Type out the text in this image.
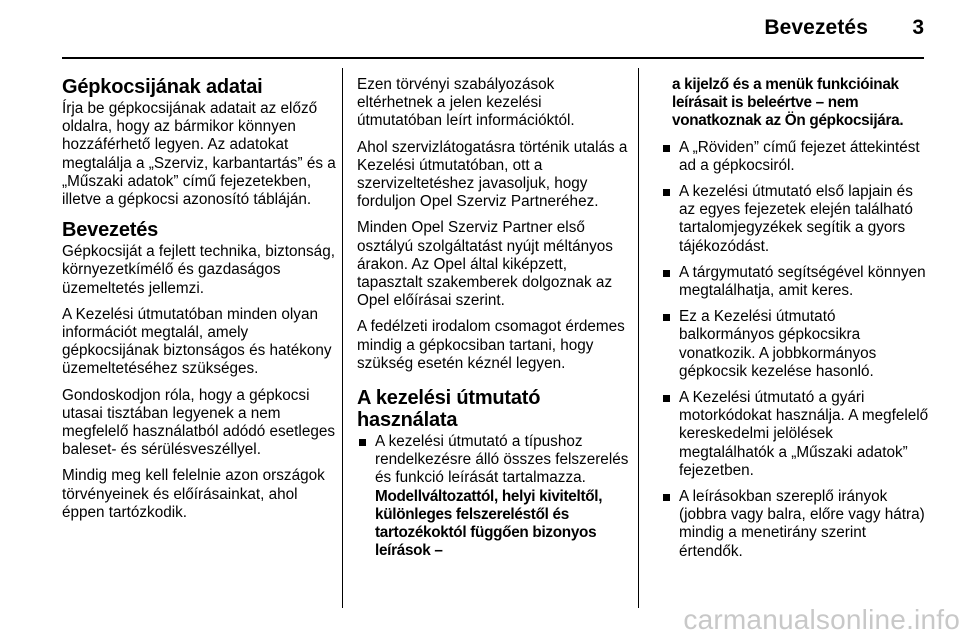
Bevezetés 3
Gépkocsijának adatai

Írja be gépkocsijának adatait az előző oldalra, hogy az bármikor könnyen hozzáférhető legyen. Az adatokat megtalálja a „Szerviz, karbantartás” és a „Műszaki adatok” című fejezetekben, illetve a gépkocsi azonosító tábláján.

Bevezetés

Gépkocsiját a fejlett technika, biztonság, környezetkímélő és gazdaságos üzemeltetés jellemzi.

A Kezelési útmutatóban minden olyan információt megtalál, amely gépkocsijának biztonságos és hatékony üzemeltetéséhez szükséges.

Gondoskodjon róla, hogy a gépkocsi utasai tisztában legyenek a nem megfelelő használatból adódó esetleges baleset- és sérülésveszéllyel.

Mindig meg kell felelnie azon országok törvényeinek és előírásainkat, ahol éppen tartózkodik.

Ezen törvényi szabályozások eltérhetnek a jelen kezelési útmutatóban leírt információktól.

Ahol szervizlátogatásra történik utalás a Kezelési útmutatóban, ott a szervizeltetéshez javasoljuk, hogy forduljon Opel Szerviz Partneréhez.

Minden Opel Szerviz Partner első osztályú szolgáltatást nyújt méltányos árakon. Az Opel által kiképzett, tapasztalt szakemberek dolgoznak az Opel előírásai szerint.

A fedélzeti irodalom csomagot érdemes mindig a gépkocsiban tartani, hogy szükség esetén kéznél legyen.

A kezelési útmutató használata
A kezelési útmutató a típushoz rendelkezésre álló összes felszerelés és funkció leírását tartalmazza. Modellváltozattól, helyi kiviteltől, különleges felszereléstől és tartozékoktól függően bizonyos leírások –
a kijelző és a menük funkcióinak leírásait is beleértve – nem vonatkoznak az Ön gépkocsijára.
A „Röviden” című fejezet áttekintést ad a gépkocsiról.
A kezelési útmutató első lapjain és az egyes fejezetek elején található tartalomjegyzékek segítik a gyors tájékozódást.
A tárgymutató segítségével könnyen megtalálhatja, amit keres.
Ez a Kezelési útmutató balkormányos gépkocsikra vonatkozik. A jobbkormányos gépkocsik kezelése hasonló.
A Kezelési útmutató a gyári motorkódokat használja. A megfelelő kereskedelmi jelölések megtalálhatók a „Műszaki adatok” fejezetben.
A leírásokban szereplő irányok (jobbra vagy balra, előre vagy hátra) mindig a menetirány szerint értendők.
carmanualsonline.info
